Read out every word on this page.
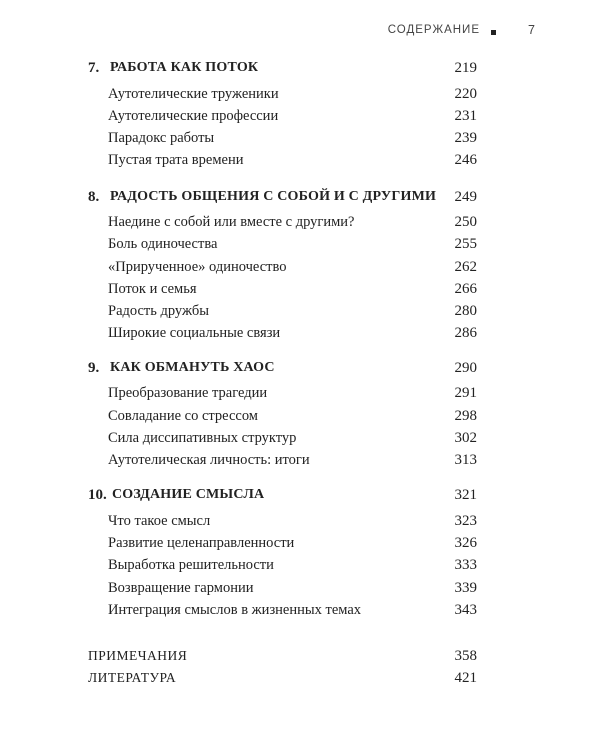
СОДЕРЖАНИЕ	7
7. РАБОТА КАК ПОТОК	219
Аутотелические труженики	220
Аутотелические профессии	231
Парадокс работы	239
Пустая трата времени	246
8. РАДОСТЬ ОБЩЕНИЯ С СОБОЙ И С ДРУГИМИ 249
Наедине с собой или вместе с другими?	250
Боль одиночества	255
«Прирученное» одиночество	262
Поток и семья	266
Радость дружбы	280
Широкие социальные связи	286
9. КАК ОБМАНУТЬ ХАОС	290
Преобразование трагедии	291
Совладание со стрессом	298
Сила диссипативных структур	302
Аутотелическая личность: итоги	313
10. СОЗДАНИЕ СМЫСЛА	321
Что такое смысл	323
Развитие целенаправленности	326
Выработка решительности	333
Возвращение гармонии	339
Интеграция смыслов в жизненных темах	343
ПРИМЕЧАНИЯ	358
ЛИТЕРАТУРА	421
